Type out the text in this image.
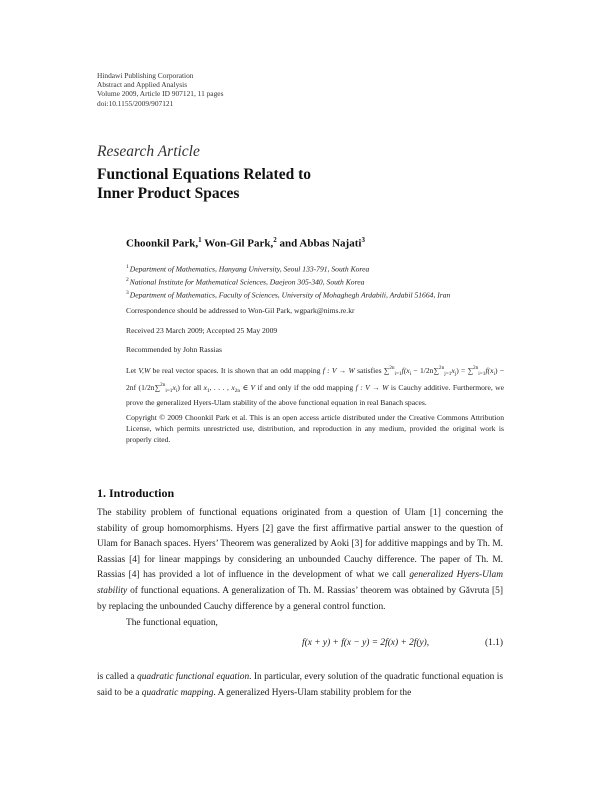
Hindawi Publishing Corporation
Abstract and Applied Analysis
Volume 2009, Article ID 907121, 11 pages
doi:10.1155/2009/907121
Research Article
Functional Equations Related to
Inner Product Spaces
Choonkil Park,$^1$ Won-Gil Park,$^2$ and Abbas Najati$^3$
$^1$Department of Mathematics, Hanyang University, Seoul 133-791, South Korea
$^2$National Institute for Mathematical Sciences, Daejeon 305-340, South Korea
$^3$Department of Mathematics, Faculty of Sciences, University of Mohaghegh Ardabili, Ardabil 51664, Iran
Correspondence should be addressed to Won-Gil Park, wgpark@nims.re.kr
Received 23 March 2009; Accepted 25 May 2009
Recommended by John Rassias
Let V,W be real vector spaces. It is shown that an odd mapping f : V → W satisfies $\sum^{2n}_{i=1}f(x_i - 1/2n\sum^{2n}_{j=1}x_j) = \sum^{2n}_{i=1}f(x_i) - 2nf$ $(1/2n\sum^{2n}_{i=1}x_i)$ for all $x_1$, . . . , $x_{2n}$ ∈ V if and only if the odd mapping f : V → W is Cauchy additive. Furthermore, we prove the generalized Hyers-Ulam stability of the above functional equation in real Banach spaces.
Copyright © 2009 Choonkil Park et al. This is an open access article distributed under the Creative Commons Attribution License, which permits unrestricted use, distribution, and reproduction in any medium, provided the original work is properly cited.
1. Introduction
The stability problem of functional equations originated from a question of Ulam [1] concerning the stability of group homomorphisms. Hyers [2] gave the first affirmative partial answer to the question of Ulam for Banach spaces. Hyers’ Theorem was generalized by Aoki [3] for additive mappings and by Th. M. Rassias [4] for linear mappings by considering an unbounded Cauchy difference. The paper of Th. M. Rassias [4] has provided a lot of influence in the development of what we call generalized Hyers-Ulam stability of functional equations. A generalization of Th. M. Rassias’ theorem was obtained by Gǎvruta [5] by replacing the unbounded Cauchy difference by a general control function.
The functional equation,
f(x + y) + f(x − y) = 2f(x) + 2f(y),	(1.1)
is called a quadratic functional equation. In particular, every solution of the quadratic functional equation is said to be a quadratic mapping. A generalized Hyers-Ulam stability problem for the
